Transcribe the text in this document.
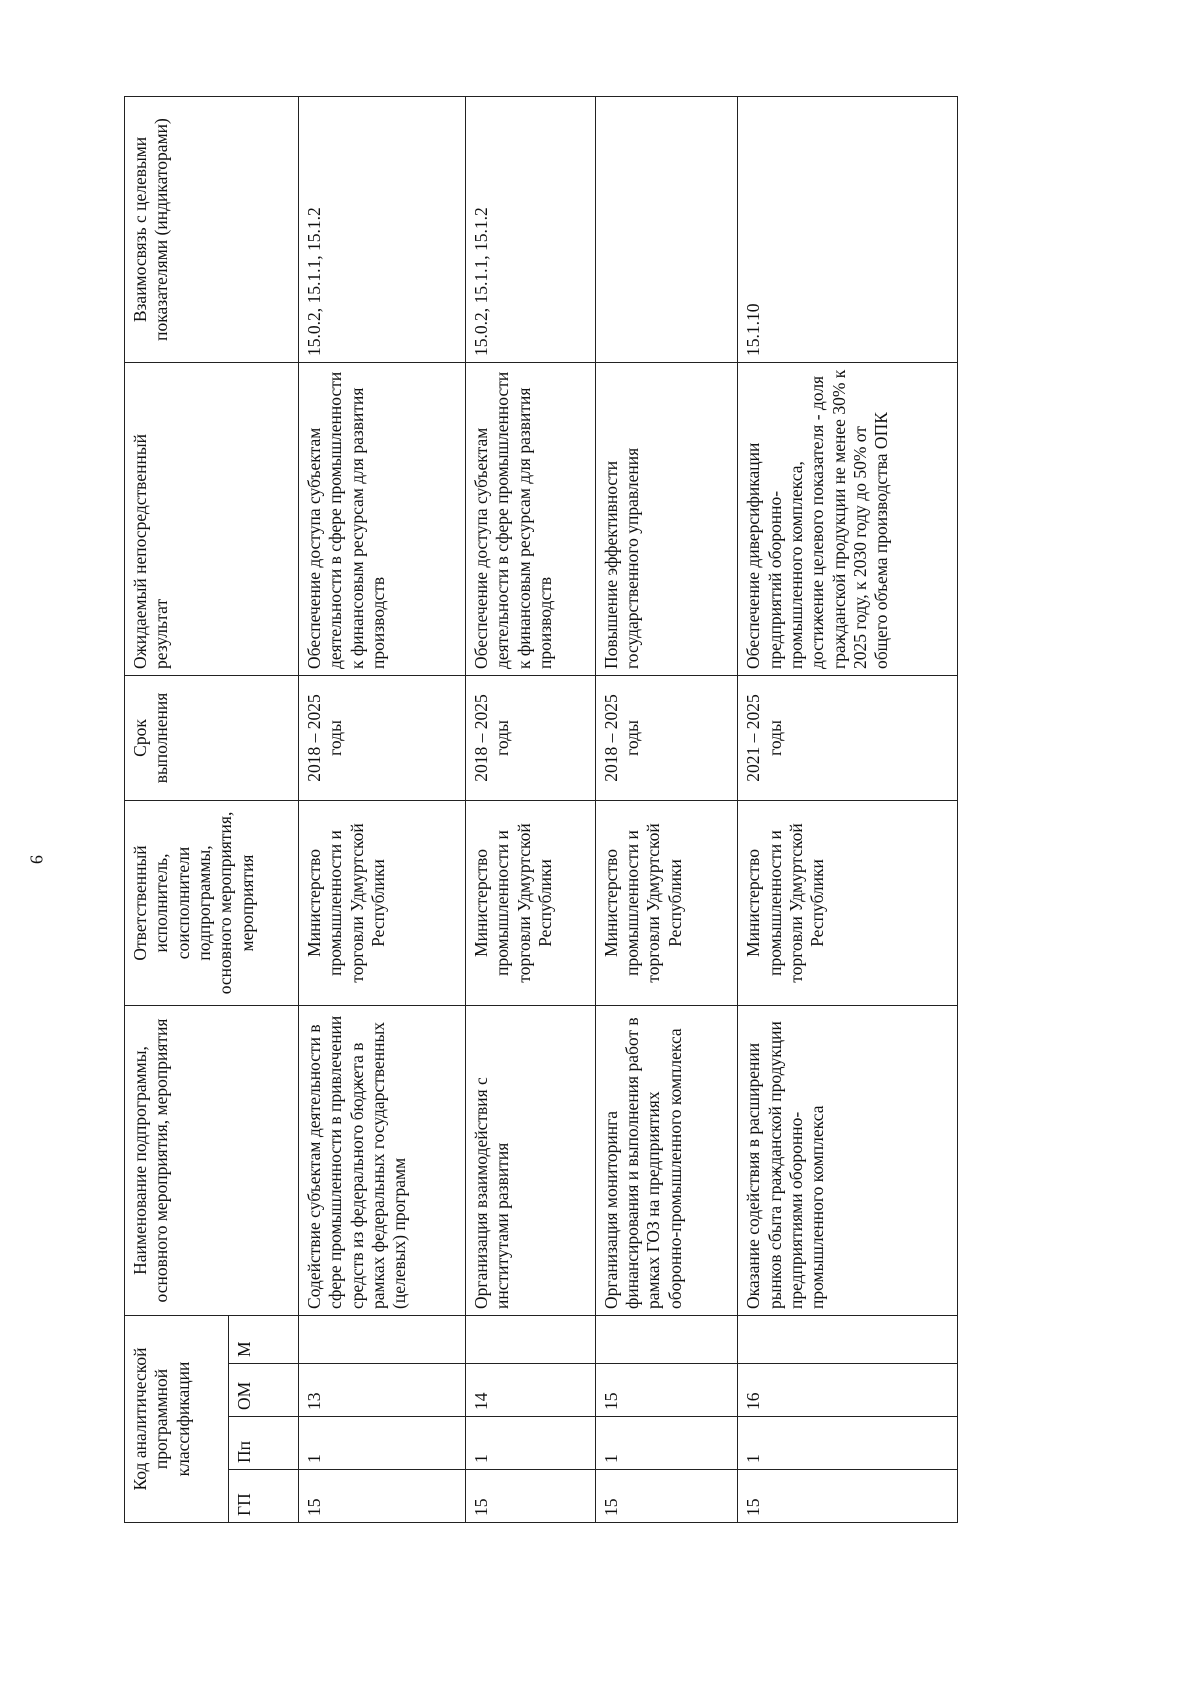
9
Код аналитической программной классификации				Наименование подпрограммы, основного мероприятия, мероприятия	Ответственный исполнитель, соисполнители подпрограммы, основного мероприятия, мероприятия	Срок выполнения	Ожидаемый непосредственный результат	Взаимосвязь с целевыми показателями (индикаторами)
ГП	Пп	ОМ	М					
15	1	13		Содействие субъектам деятельности в сфере промышленности в привлечении средств из федерального бюджета в рамках федеральных государственных (целевых) программ	Министерство промышленности и торговли Удмуртской Республики	2018 – 2025 годы	Обеспечение доступа субъектам деятельности в сфере промышленности к финансовым ресурсам для развития производств	15.0.2, 15.1.1, 15.1.2
15	1	14		Организация взаимодействия с институтами развития	Министерство промышленности и торговли Удмуртской Республики	2018 – 2025 годы	Обеспечение доступа субъектам деятельности в сфере промышленности к финансовым ресурсам для развития производств	15.0.2, 15.1.1, 15.1.2
15	1	15		Организация мониторинга финансирования и выполнения работ в рамках ГОЗ на предприятиях оборонно-промышленного комплекса	Министерство промышленности и торговли Удмуртской Республики	2018 – 2025 годы	Повышение эффективности государственного управления	
15	1	16		Оказание содействия в расширении рынков сбыта гражданской продукции предприятиями оборонно-промышленного комплекса	Министерство промышленности и торговли Удмуртской Республики	2021 – 2025 годы	Обеспечение диверсификации предприятий оборонно-промышленного комплекса, достижение целевого показателя - доля гражданской продукции не менее 30% к 2025 году, к 2030 году до 50% от общего объема производства ОПК	15.1.10
